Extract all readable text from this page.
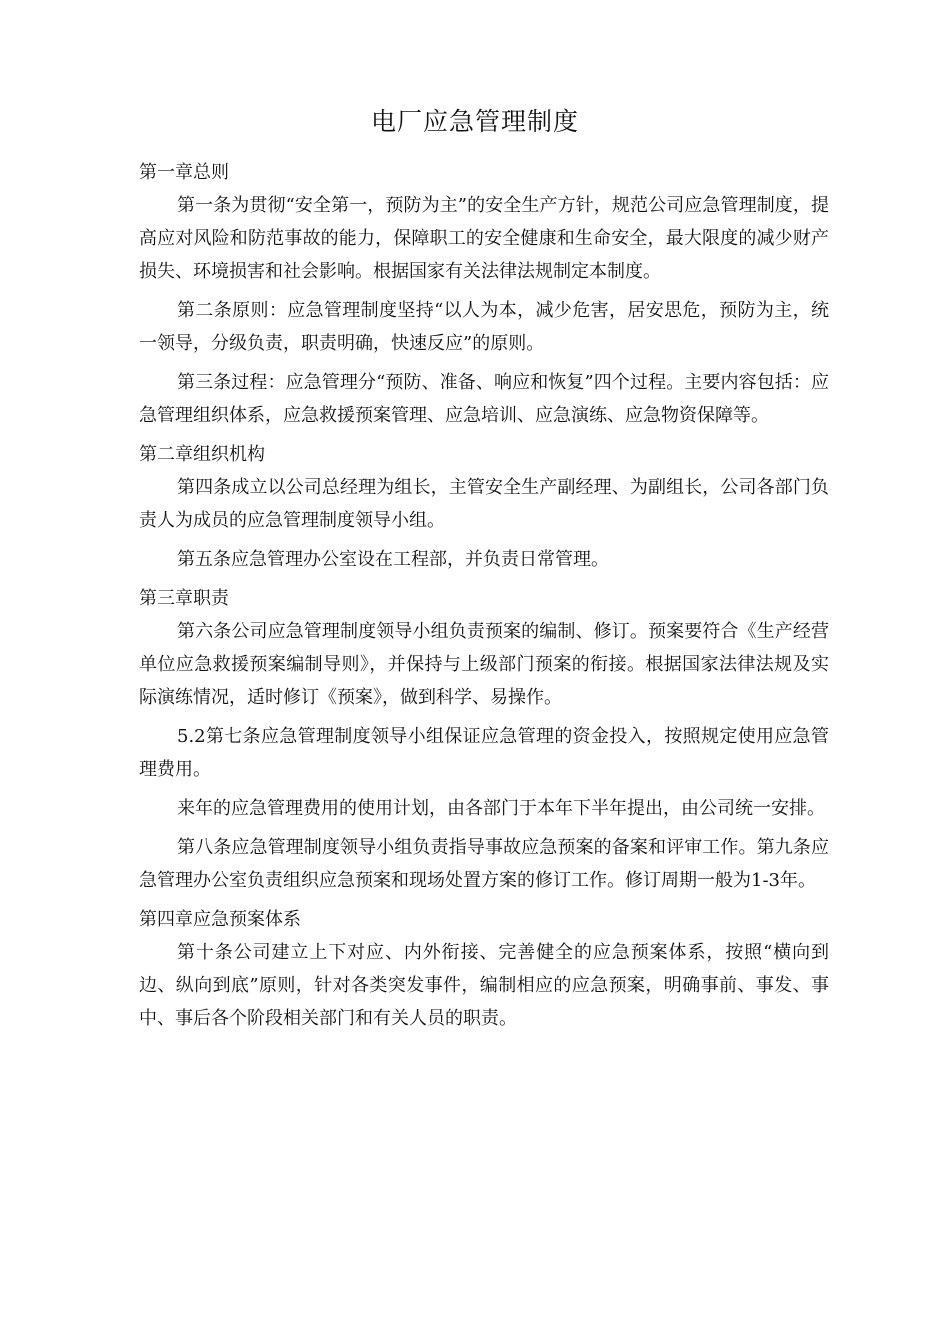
电厂应急管理制度

第一章总则

第一条为贯彻“安全第一，预防为主”的安全生产方针，规范公司应急管理制度，提高应对风险和防范事故的能力，保障职工的安全健康和生命安全，最大限度的减少财产损失、环境损害和社会影响。根据国家有关法律法规制定本制度。

第二条原则：应急管理制度坚持“以人为本，减少危害，居安思危，预防为主，统一领导，分级负责，职责明确，快速反应”的原则。

第三条过程：应急管理分“预防、准备、响应和恢复”四个过程。主要内容包括：应急管理组织体系，应急救援预案管理、应急培训、应急演练、应急物资保障等。

第二章组织机构

第四条成立以公司总经理为组长，主管安全生产副经理、为副组长，公司各部门负责人为成员的应急管理制度领导小组。

第五条应急管理办公室设在工程部，并负责日常管理。

第三章职责

第六条公司应急管理制度领导小组负责预案的编制、修订。预案要符合《生产经营单位应急救援预案编制导则》，并保持与上级部门预案的衔接。根据国家法律法规及实际演练情况，适时修订《预案》，做到科学、易操作。

5.2第七条应急管理制度领导小组保证应急管理的资金投入，按照规定使用应急管理费用。

来年的应急管理费用的使用计划，由各部门于本年下半年提出，由公司统一安排。

第八条应急管理制度领导小组负责指导事故应急预案的备案和评审工作。第九条应急管理办公室负责组织应急预案和现场处置方案的修订工作。修订周期一般为1-3年。

第四章应急预案体系

第十条公司建立上下对应、内外衔接、完善健全的应急预案体系，按照“横向到边、纵向到底”原则，针对各类突发事件，编制相应的应急预案，明确事前、事发、事中、事后各个阶段相关部门和有关人员的职责。
